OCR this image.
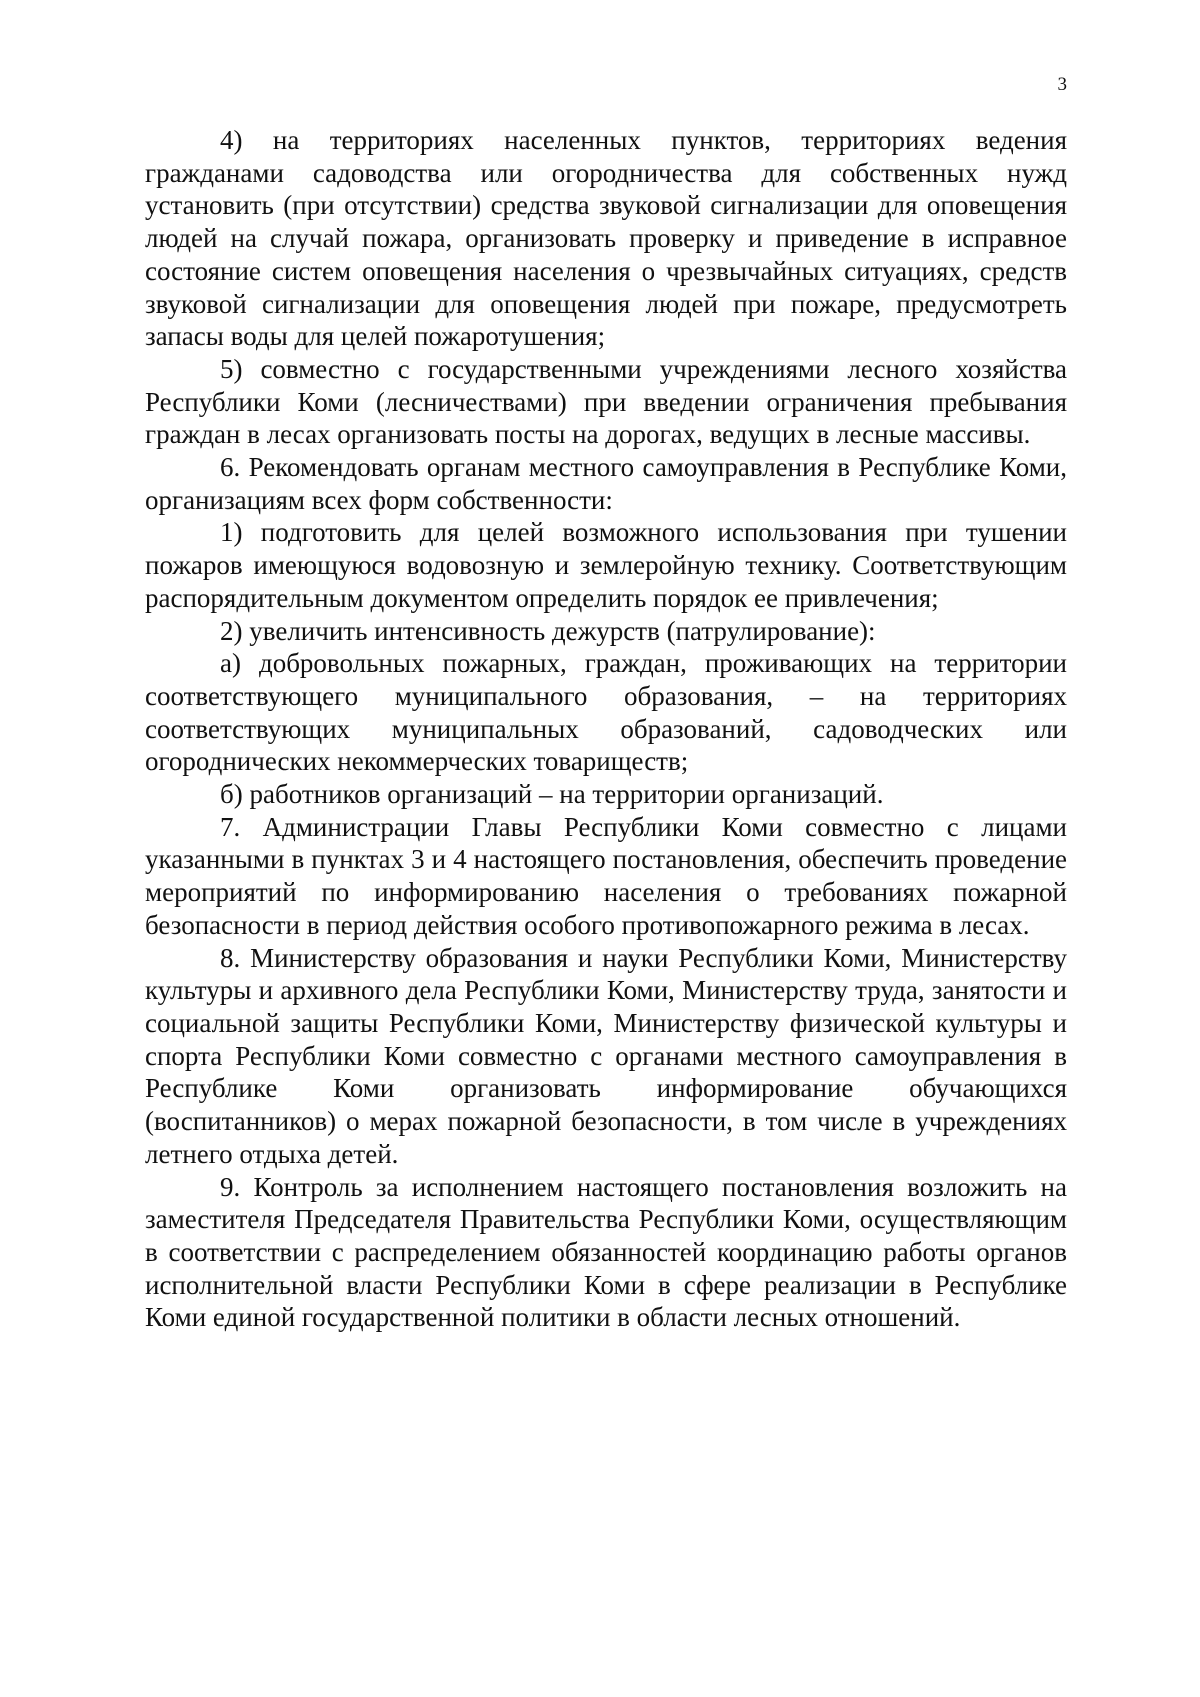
3

4) на территориях населенных пунктов, территориях ведения гражданами садоводства или огородничества для собственных нужд установить (при отсутствии) средства звуковой сигнализации для оповещения людей на случай пожара, организовать проверку и приведение в исправное состояние систем оповещения населения о чрезвычайных ситуациях, средств звуковой сигнализации для оповещения людей при пожаре, предусмотреть запасы воды для целей пожаротушения;

5) совместно с государственными учреждениями лесного хозяйства Республики Коми (лесничествами) при введении ограничения пребывания граждан в лесах организовать посты на дорогах, ведущих в лесные массивы.

6. Рекомендовать органам местного самоуправления в Республике Коми, организациям всех форм собственности:

1) подготовить для целей возможного использования при тушении пожаров имеющуюся водовозную и землеройную технику. Соответствующим распорядительным документом определить порядок ее привлечения;

2) увеличить интенсивность дежурств (патрулирование):

а) добровольных пожарных, граждан, проживающих на территории соответствующего муниципального образования, – на территориях соответствующих муниципальных образований, садоводческих или огороднических некоммерческих товариществ;

б) работников организаций – на территории организаций.

7. Администрации Главы Республики Коми совместно с лицами указанными в пунктах 3 и 4 настоящего постановления, обеспечить проведение мероприятий по информированию населения о требованиях пожарной безопасности в период действия особого противопожарного режима в лесах.

8. Министерству образования и науки Республики Коми, Министерству культуры и архивного дела Республики Коми, Министерству труда, занятости и социальной защиты Республики Коми, Министерству физической культуры и спорта Республики Коми совместно с органами местного самоуправления в Республике Коми организовать информирование обучающихся (воспитанников) о мерах пожарной безопасности, в том числе в учреждениях летнего отдыха детей.

9. Контроль за исполнением настоящего постановления возложить на заместителя Председателя Правительства Республики Коми, осуществляющим в соответствии с распределением обязанностей координацию работы органов исполнительной власти Республики Коми в сфере реализации в Республике Коми единой государственной политики в области лесных отношений.
